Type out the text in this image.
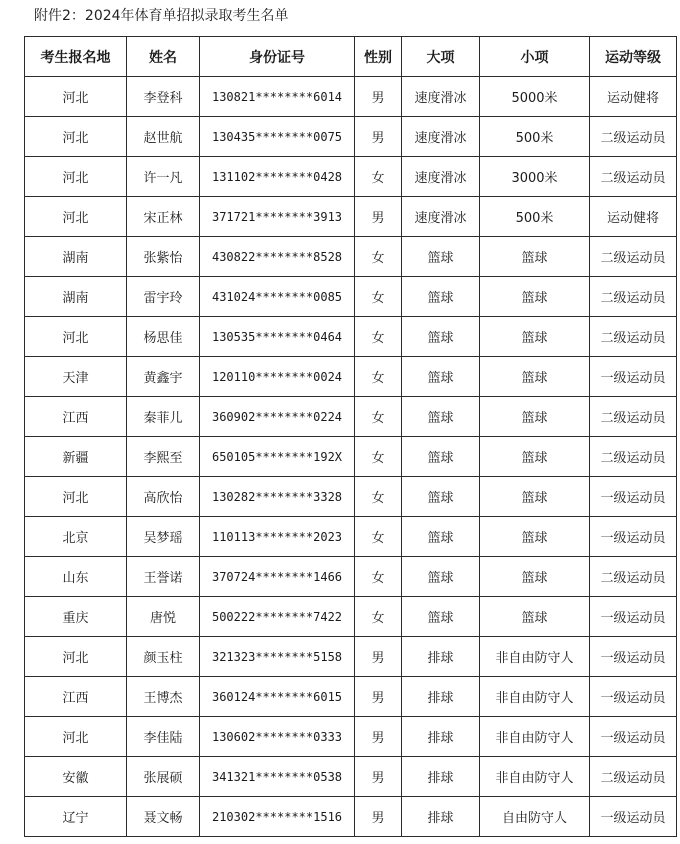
附件2：2024年体育单招拟录取考生名单
考生报名地	姓名	身份证号	性别	大项	小项	运动等级
河北	李登科	130821********6014	男	速度滑冰	5000米	运动健将
河北	赵世航	130435********0075	男	速度滑冰	500米	二级运动员
河北	许一凡	131102********0428	女	速度滑冰	3000米	二级运动员
河北	宋正林	371721********3913	男	速度滑冰	500米	运动健将
湖南	张紫怡	430822********8528	女	篮球	篮球	二级运动员
湖南	雷宇玲	431024********0085	女	篮球	篮球	二级运动员
河北	杨思佳	130535********0464	女	篮球	篮球	二级运动员
天津	黄鑫宇	120110********0024	女	篮球	篮球	一级运动员
江西	秦菲儿	360902********0224	女	篮球	篮球	二级运动员
新疆	李熙至	650105********192X	女	篮球	篮球	二级运动员
河北	高欣怡	130282********3328	女	篮球	篮球	一级运动员
北京	吴梦瑶	110113********2023	女	篮球	篮球	一级运动员
山东	王誉诺	370724********1466	女	篮球	篮球	二级运动员
重庆	唐悦	500222********7422	女	篮球	篮球	一级运动员
河北	颜玉柱	321323********5158	男	排球	非自由防守人	一级运动员
江西	王博杰	360124********6015	男	排球	非自由防守人	一级运动员
河北	李佳陆	130602********0333	男	排球	非自由防守人	一级运动员
安徽	张展硕	341321********0538	男	排球	非自由防守人	二级运动员
辽宁	聂文畅	210302********1516	男	排球	自由防守人	一级运动员
